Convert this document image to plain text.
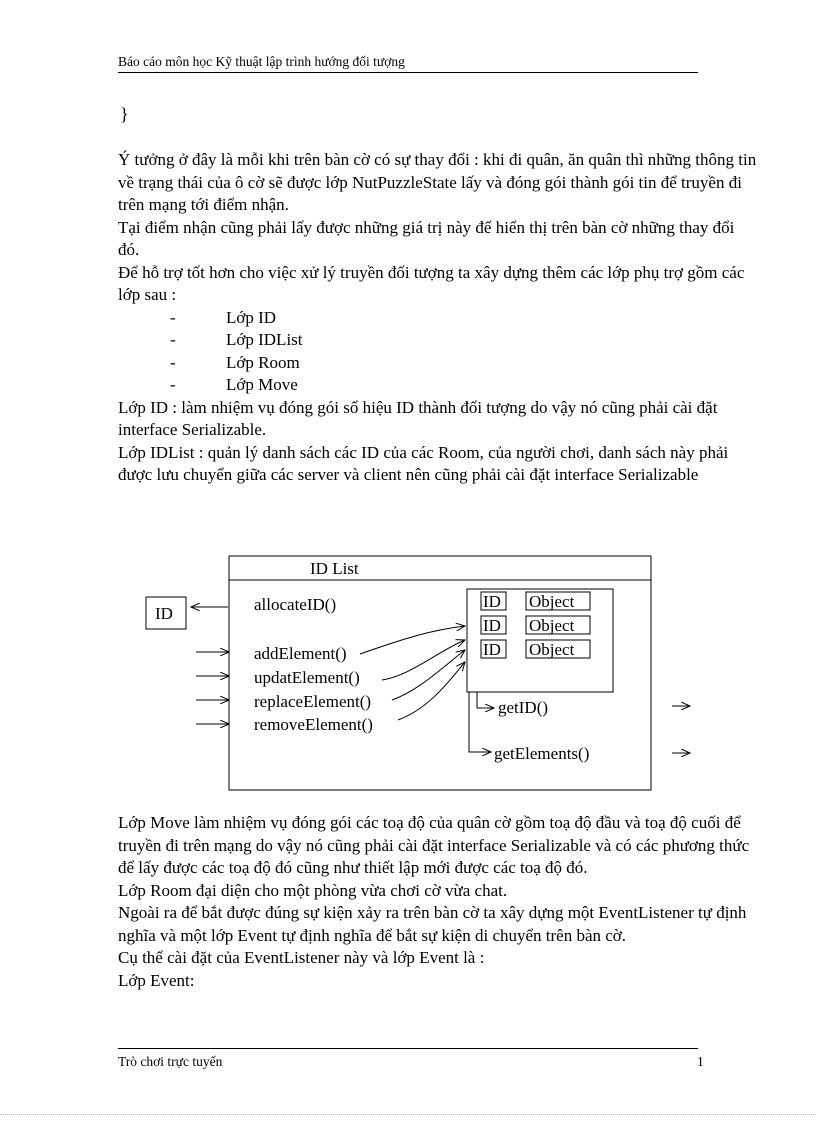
Báo cáo môn học Kỹ thuật lập trình hướng đối tượng
}

Ý tưởng ở đây là mỗi khi trên bàn cờ có sự thay đổi : khi đi quân, ăn quân thì những thông tin về trạng thái của ô cờ sẽ được lớp NutPuzzleState lấy và đóng gói thành gói tin để truyền đi trên mạng tới điểm nhận.

Tại điểm nhận cũng phải lấy được những giá trị này để hiển thị trên bàn cờ những thay đổi đó.

Để hỗ trợ tốt hơn cho việc xử lý truyền đối tượng ta xây dựng thêm các lớp phụ trợ gồm các lớp sau :

-	Lớp ID
-	Lớp IDList
-	Lớp Room
-	Lớp Move

Lớp ID : làm nhiệm vụ đóng gói số hiệu ID thành đối tượng do vậy nó cũng phải cài đặt interface Serializable.

Lớp IDList : quản lý danh sách các ID của các Room, của người chơi, danh sách này phải được lưu chuyển giữa các server và client nên cũng phải cài đặt interface Serializable

ID List
ID	allocateID()
addElement()
updatElement()
replaceElement()
removeElement()
ID Object
ID Object
ID Object
getID()
getElements()

Lớp Move làm nhiệm vụ đóng gói các toạ độ của quân cờ gồm toạ độ đầu và toạ độ cuối để truyền đi trên mạng do vậy nó cũng phải cài đặt interface Serializable và có các phương thức để lấy được các toạ độ đó cũng như thiết lập mới được các toạ độ đó.

Lớp Room đại diện cho một phòng vừa chơi cờ vừa chat.

Ngoài ra để bắt được đúng sự kiện xảy ra trên bàn cờ ta xây dựng một EventListener tự định nghĩa và một lớp Event tự định nghĩa để bắt sự kiện di chuyển trên bàn cờ.

Cụ thể cài đặt của EventListener này và lớp Event là :

Lớp Event:

Trò chơi trực tuyến	1
